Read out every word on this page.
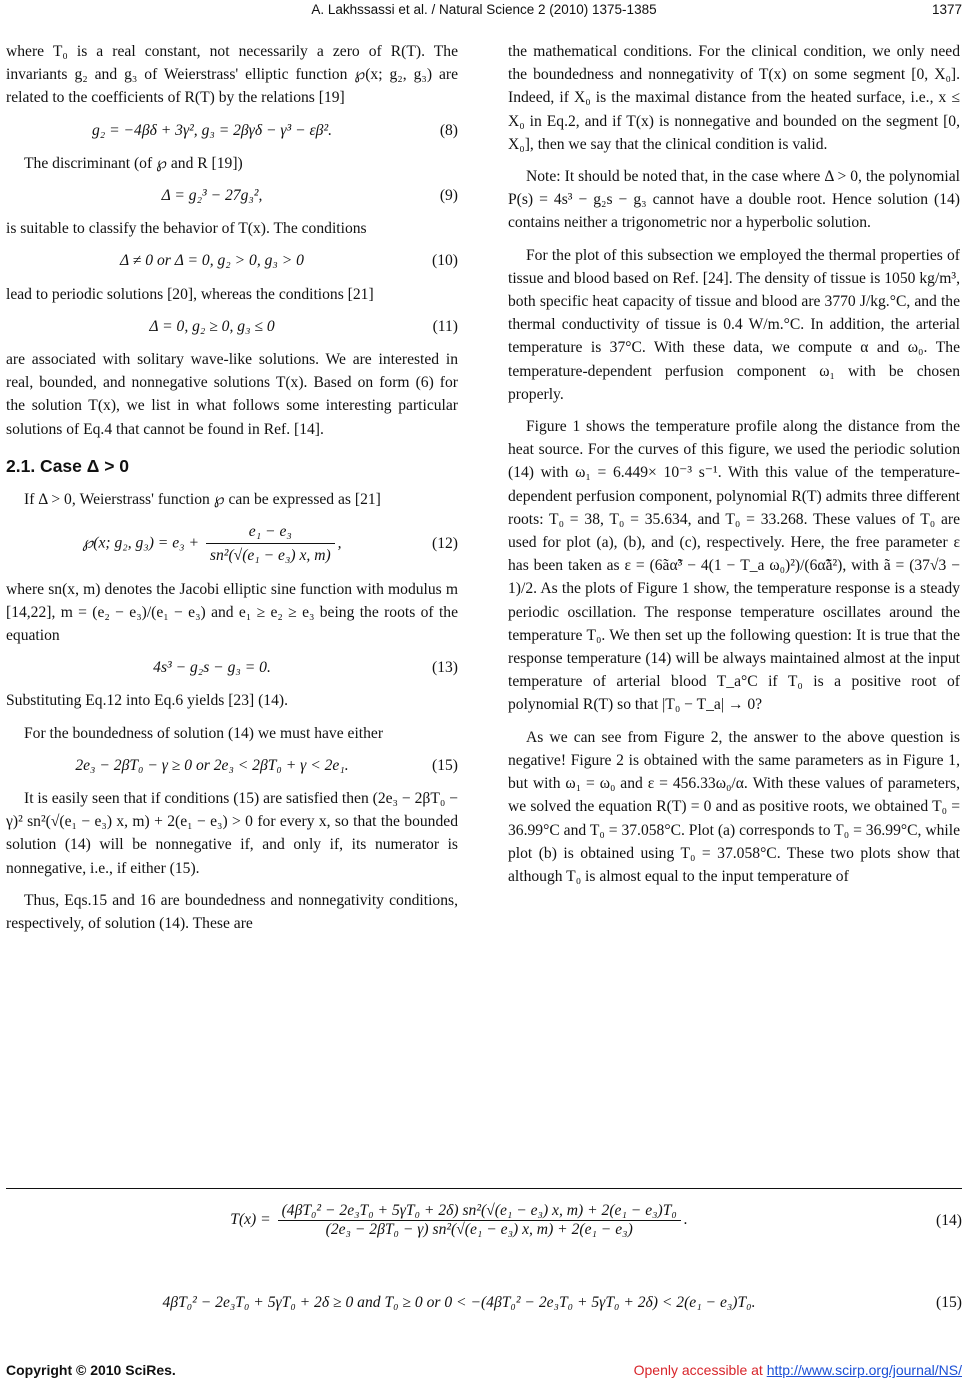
A. Lakhssassi et al. / Natural Science 2 (2010) 1375-1385	1377

where T₀ is a real constant, not necessarily a zero of R(T). The invariants g₂ and g₃ of Weierstrass' elliptic function ℘(x; g₂, g₃) are related to the coefficients of R(T) by the relations [19]

g₂ = −4βδ + 3γ², g₃ = 2βγδ − γ³ − εβ².	(8)

The discriminant (of ℘ and R [19])

Δ = g₂³ − 27g₃²,	(9)

is suitable to classify the behavior of T(x). The conditions

Δ ≠ 0 or Δ = 0, g₂ > 0, g₃ > 0	(10)

lead to periodic solutions [20], whereas the conditions [21]

Δ = 0, g₂ ≥ 0, g₃ ≤ 0	(11)

are associated with solitary wave-like solutions. We are interested in real, bounded, and nonnegative solutions T(x). Based on form (6) for the solution T(x), we list in what follows some interesting particular solutions of Eq.4 that cannot be found in Ref. [14].

2.1. Case Δ > 0

If Δ > 0, Weierstrass' function ℘ can be expressed as [21]

℘(x; g₂, $g_3) = e_3 + \frac{\text{e₁ − e₃}}{\text{sn²(√(e₁ − e₃) x, m)}}$ ,	(12)

where sn(x, m) denotes the Jacobi elliptic sine function with modulus m [14,22], m = (e₂ − e₃)/(e₁ − e₃) and e₁ ≥ e₂ ≥ e₃ being the roots of the equation

4s³ − g₂s − g₃ = 0.	(13)

Substituting Eq.12 into Eq.6 yields [23] (14).

For the boundedness of solution (14) we must have either

2e₃ − 2βT₀ − γ ≥ 0 or 2e₃ < 2βT₀ + γ < 2e₁.	(15)

It is easily seen that if conditions (15) are satisfied then (2e₃ − 2βT₀ − γ)² sn²(√(e₁ − e₃) x, m) + 2(e₁ − e₃) > 0 for every x, so that the bounded solution (14) will be nonnegative if, and only if, its numerator is nonnegative, i.e., if either (15).

Thus, Eqs.15 and 16 are boundedness and nonnegativity conditions, respectively, of solution (14). These are

the mathematical conditions. For the clinical condition, we only need the boundedness and nonnegativity of T(x) on some segment [0, X₀]. Indeed, if X₀ is the maximal distance from the heated surface, i.e., x ≤ X₀ in Eq.2, and if T(x) is nonnegative and bounded on the segment [0, X₀], then we say that the clinical condition is valid.

Note: It should be noted that, in the case where Δ > 0, the polynomial P(s) = 4s³ − g₂s − g₃ cannot have a double root. Hence solution (14) contains neither a trigonometric nor a hyperbolic solution.

For the plot of this subsection we employed the thermal properties of tissue and blood based on Ref. [24]. The density of tissue is 1050 kg/m³, both specific heat capacity of tissue and blood are 3770 J/kg.°C, and the thermal conductivity of tissue is 0.4 W/m.°C. In addition, the arterial temperature is 37°C. With these data, we compute α and ω₀. The temperature-dependent perfusion component ω₁ with be chosen properly.

Figure 1 shows the temperature profile along the distance from the heat source. For the curves of this figure, we used the periodic solution (14) with ω₁ = 6.449× 10⁻³ s⁻¹. With this value of the temperature-dependent perfusion component, polynomial R(T) admits three different roots: T₀ = 38, T₀ = 35.634, and T₀ = 33.268. These values of T₀ are used for plot (a), (b), and (c), respectively. Here, the free parameter ε has been taken as ε = (6ãα̃³ − 4(1 − T_a ω₀)²)/(6α̃ã²), with ã = (37√3 − 1)/2. As the plots of Figure 1 show, the temperature response is a steady periodic oscillation. The response temperature oscillates around the temperature T₀. We then set up the following question: It is true that the response temperature (14) will be always maintained almost at the input temperature of arterial blood T_a°C if T₀ is a positive root of polynomial R(T) so that |T₀ − T_a| → 0?

As we can see from Figure 2, the answer to the above question is negative! Figure 2 is obtained with the same parameters as in Figure 1, but with ω₁ = ω₀ and ε = 456.33ω₀/α. With these values of parameters, we solved the equation R(T) = 0 and as positive roots, we obtained T₀ = 36.99°C and T₀ = 37.058°C. Plot (a) corresponds to T₀ = 36.99°C, while plot (b) is obtained using T₀ = 37.058°C. These two plots show that although T₀ is almost equal to the input temperature of

T(x) =
(4βT₀² − 2e₃T₀ + 5γT₀ + 2δ) sn²(√(e₁ − e₃) x, m) + 2(e₁ − e₃)T₀
(2e₃ − 2βT₀ − γ) sn²(√(e₁ − e₃) x, m) + 2(e₁ − e₃)
.	(14)
4βT₀² − 2e₃T₀ + 5γT₀ + 2δ ≥ 0 and T₀ ≥ 0 or 0 < −(4βT₀² − 2e₃T₀ + 5γT₀ + 2δ) < 2(e₁ − e₃)T₀.	(15)
Copyright © 2010 SciRes.	Openly accessible at http://www.scirp.org/journal/NS/
